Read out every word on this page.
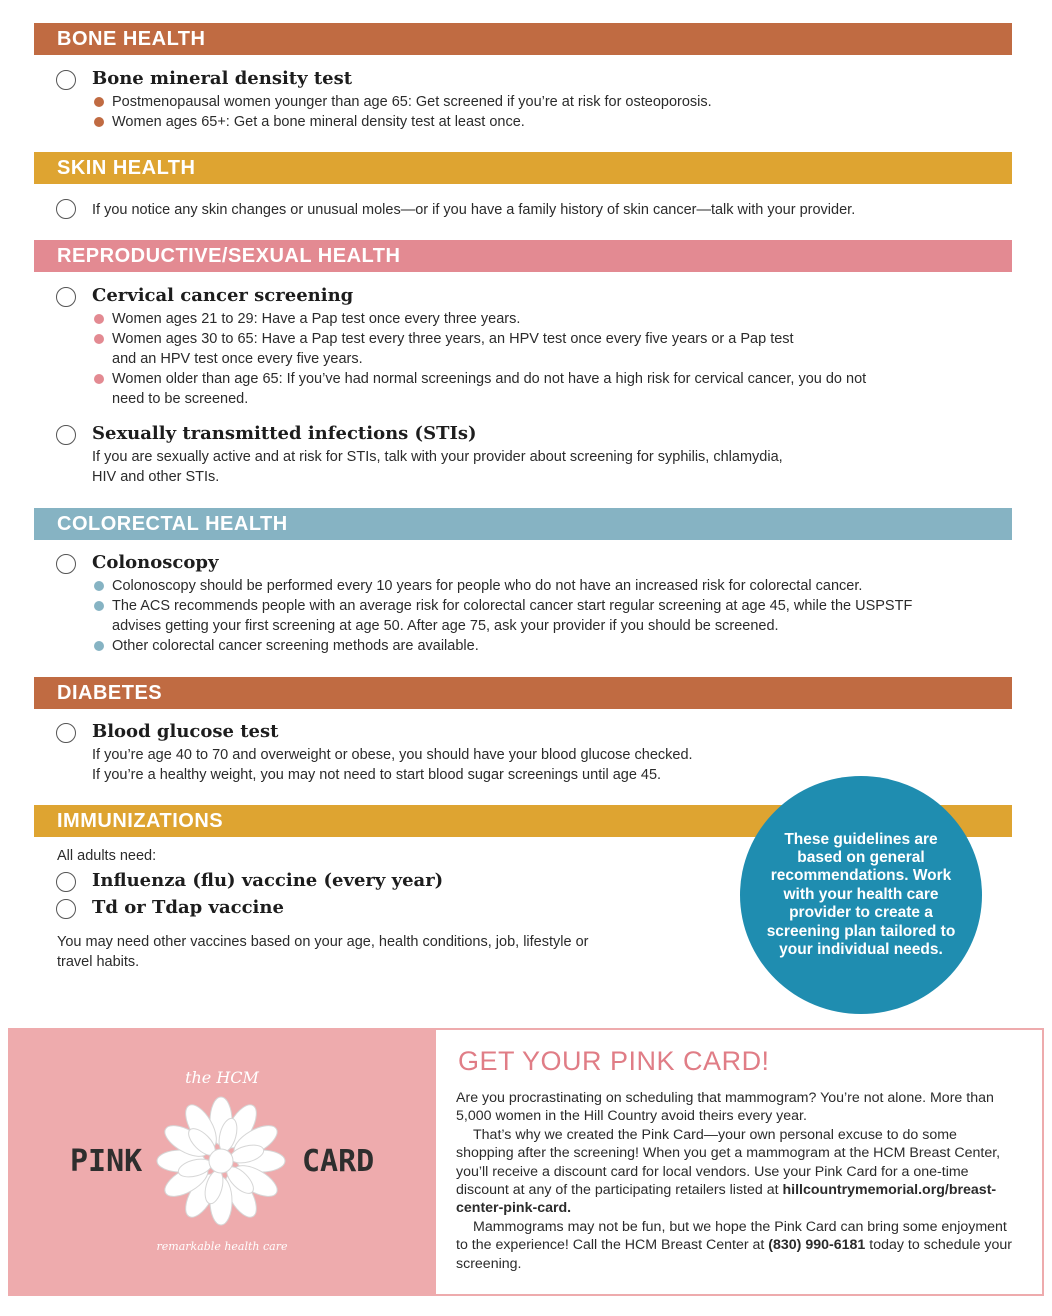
BONE HEALTH
Bone mineral density test
Postmenopausal women younger than age 65: Get screened if you’re at risk for osteoporosis.
Women ages 65+: Get a bone mineral density test at least once.
SKIN HEALTH
If you notice any skin changes or unusual moles—or if you have a family history of skin cancer—talk with your provider.
REPRODUCTIVE/SEXUAL HEALTH
Cervical cancer screening
Women ages 21 to 29: Have a Pap test once every three years.
Women ages 30 to 65: Have a Pap test every three years, an HPV test once every five years or a Pap test
and an HPV test once every five years.
Women older than age 65: If you’ve had normal screenings and do not have a high risk for cervical cancer, you do not
need to be screened.
Sexually transmitted infections (STIs)
If you are sexually active and at risk for STIs, talk with your provider about screening for syphilis, chlamydia,
HIV and other STIs.
COLORECTAL HEALTH
Colonoscopy
Colonoscopy should be performed every 10 years for people who do not have an increased risk for colorectal cancer.
The ACS recommends people with an average risk for colorectal cancer start regular screening at age 45, while the USPSTF
advises getting your first screening at age 50. After age 75, ask your provider if you should be screened.
Other colorectal cancer screening methods are available.
DIABETES
Blood glucose test
If you’re age 40 to 70 and overweight or obese, you should have your blood glucose checked.
If you’re a healthy weight, you may not need to start blood sugar screenings until age 45.
IMMUNIZATIONS
All adults need:
Influenza (flu) vaccine (every year)
Td or Tdap vaccine
You may need other vaccines based on your age, health conditions, job, lifestyle or
travel habits.
These guidelines are based on general recommendations. Work with your health care provider to create a screening plan tailored to your individual needs.
the HCM
PINK	CARD
remarkable health care
GET YOUR PINK CARD!

Are you procrastinating on scheduling that mammogram? You’re not alone. More than 5,000 women in the Hill Country avoid theirs every year.

That’s why we created the Pink Card—your own personal excuse to do some shopping after the screening! When you get a mammogram at the HCM Breast Center, you’ll receive a discount card for local vendors. Use your Pink Card for a one-time discount at any of the participating retailers listed at hillcountrymemorial.org/breast-center-pink-card.

Mammograms may not be fun, but we hope the Pink Card can bring some enjoyment to the experience! Call the HCM Breast Center at (830) 990-6181 today to schedule your screening.
